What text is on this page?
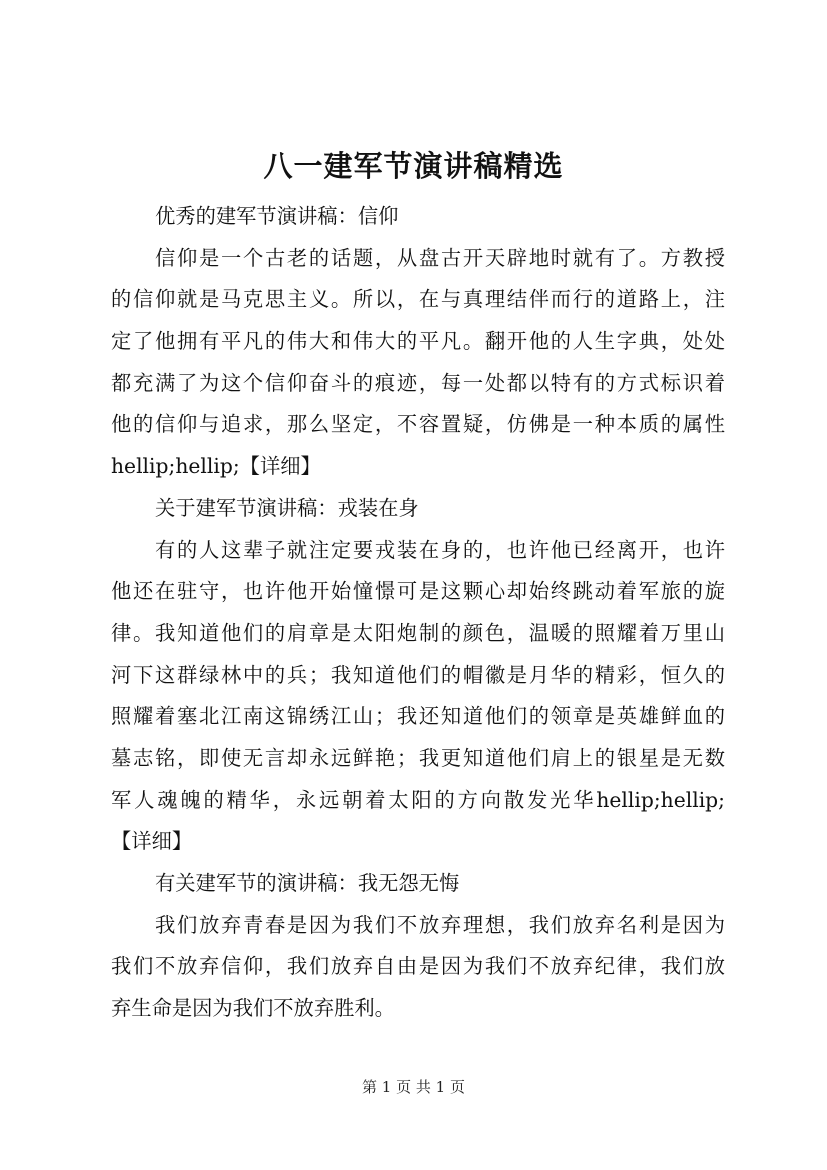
八一建军节演讲稿精选
优秀的建军节演讲稿：信仰
信仰是一个古老的话题，从盘古开天辟地时就有了。方教授
的信仰就是马克思主义。所以，在与真理结伴而行的道路上，注
定了他拥有平凡的伟大和伟大的平凡。翻开他的人生字典，处处
都充满了为这个信仰奋斗的痕迹，每一处都以特有的方式标识着
他的信仰与追求，那么坚定，不容置疑，仿佛是一种本质的属性
hellip;hellip;【详细】
关于建军节演讲稿：戎装在身
有的人这辈子就注定要戎装在身的，也许他已经离开，也许
他还在驻守，也许他开始憧憬可是这颗心却始终跳动着军旅的旋
律。我知道他们的肩章是太阳炮制的颜色，温暖的照耀着万里山
河下这群绿林中的兵；我知道他们的帽徽是月华的精彩，恒久的
照耀着塞北江南这锦绣江山；我还知道他们的领章是英雄鲜血的
墓志铭，即使无言却永远鲜艳；我更知道他们肩上的银星是无数
军人魂魄的精华，永远朝着太阳的方向散发光华hellip;hellip;
【详细】
有关建军节的演讲稿：我无怨无悔
我们放弃青春是因为我们不放弃理想，我们放弃名利是因为
我们不放弃信仰，我们放弃自由是因为我们不放弃纪律，我们放
弃生命是因为我们不放弃胜利。
第 1 页 共 1 页
